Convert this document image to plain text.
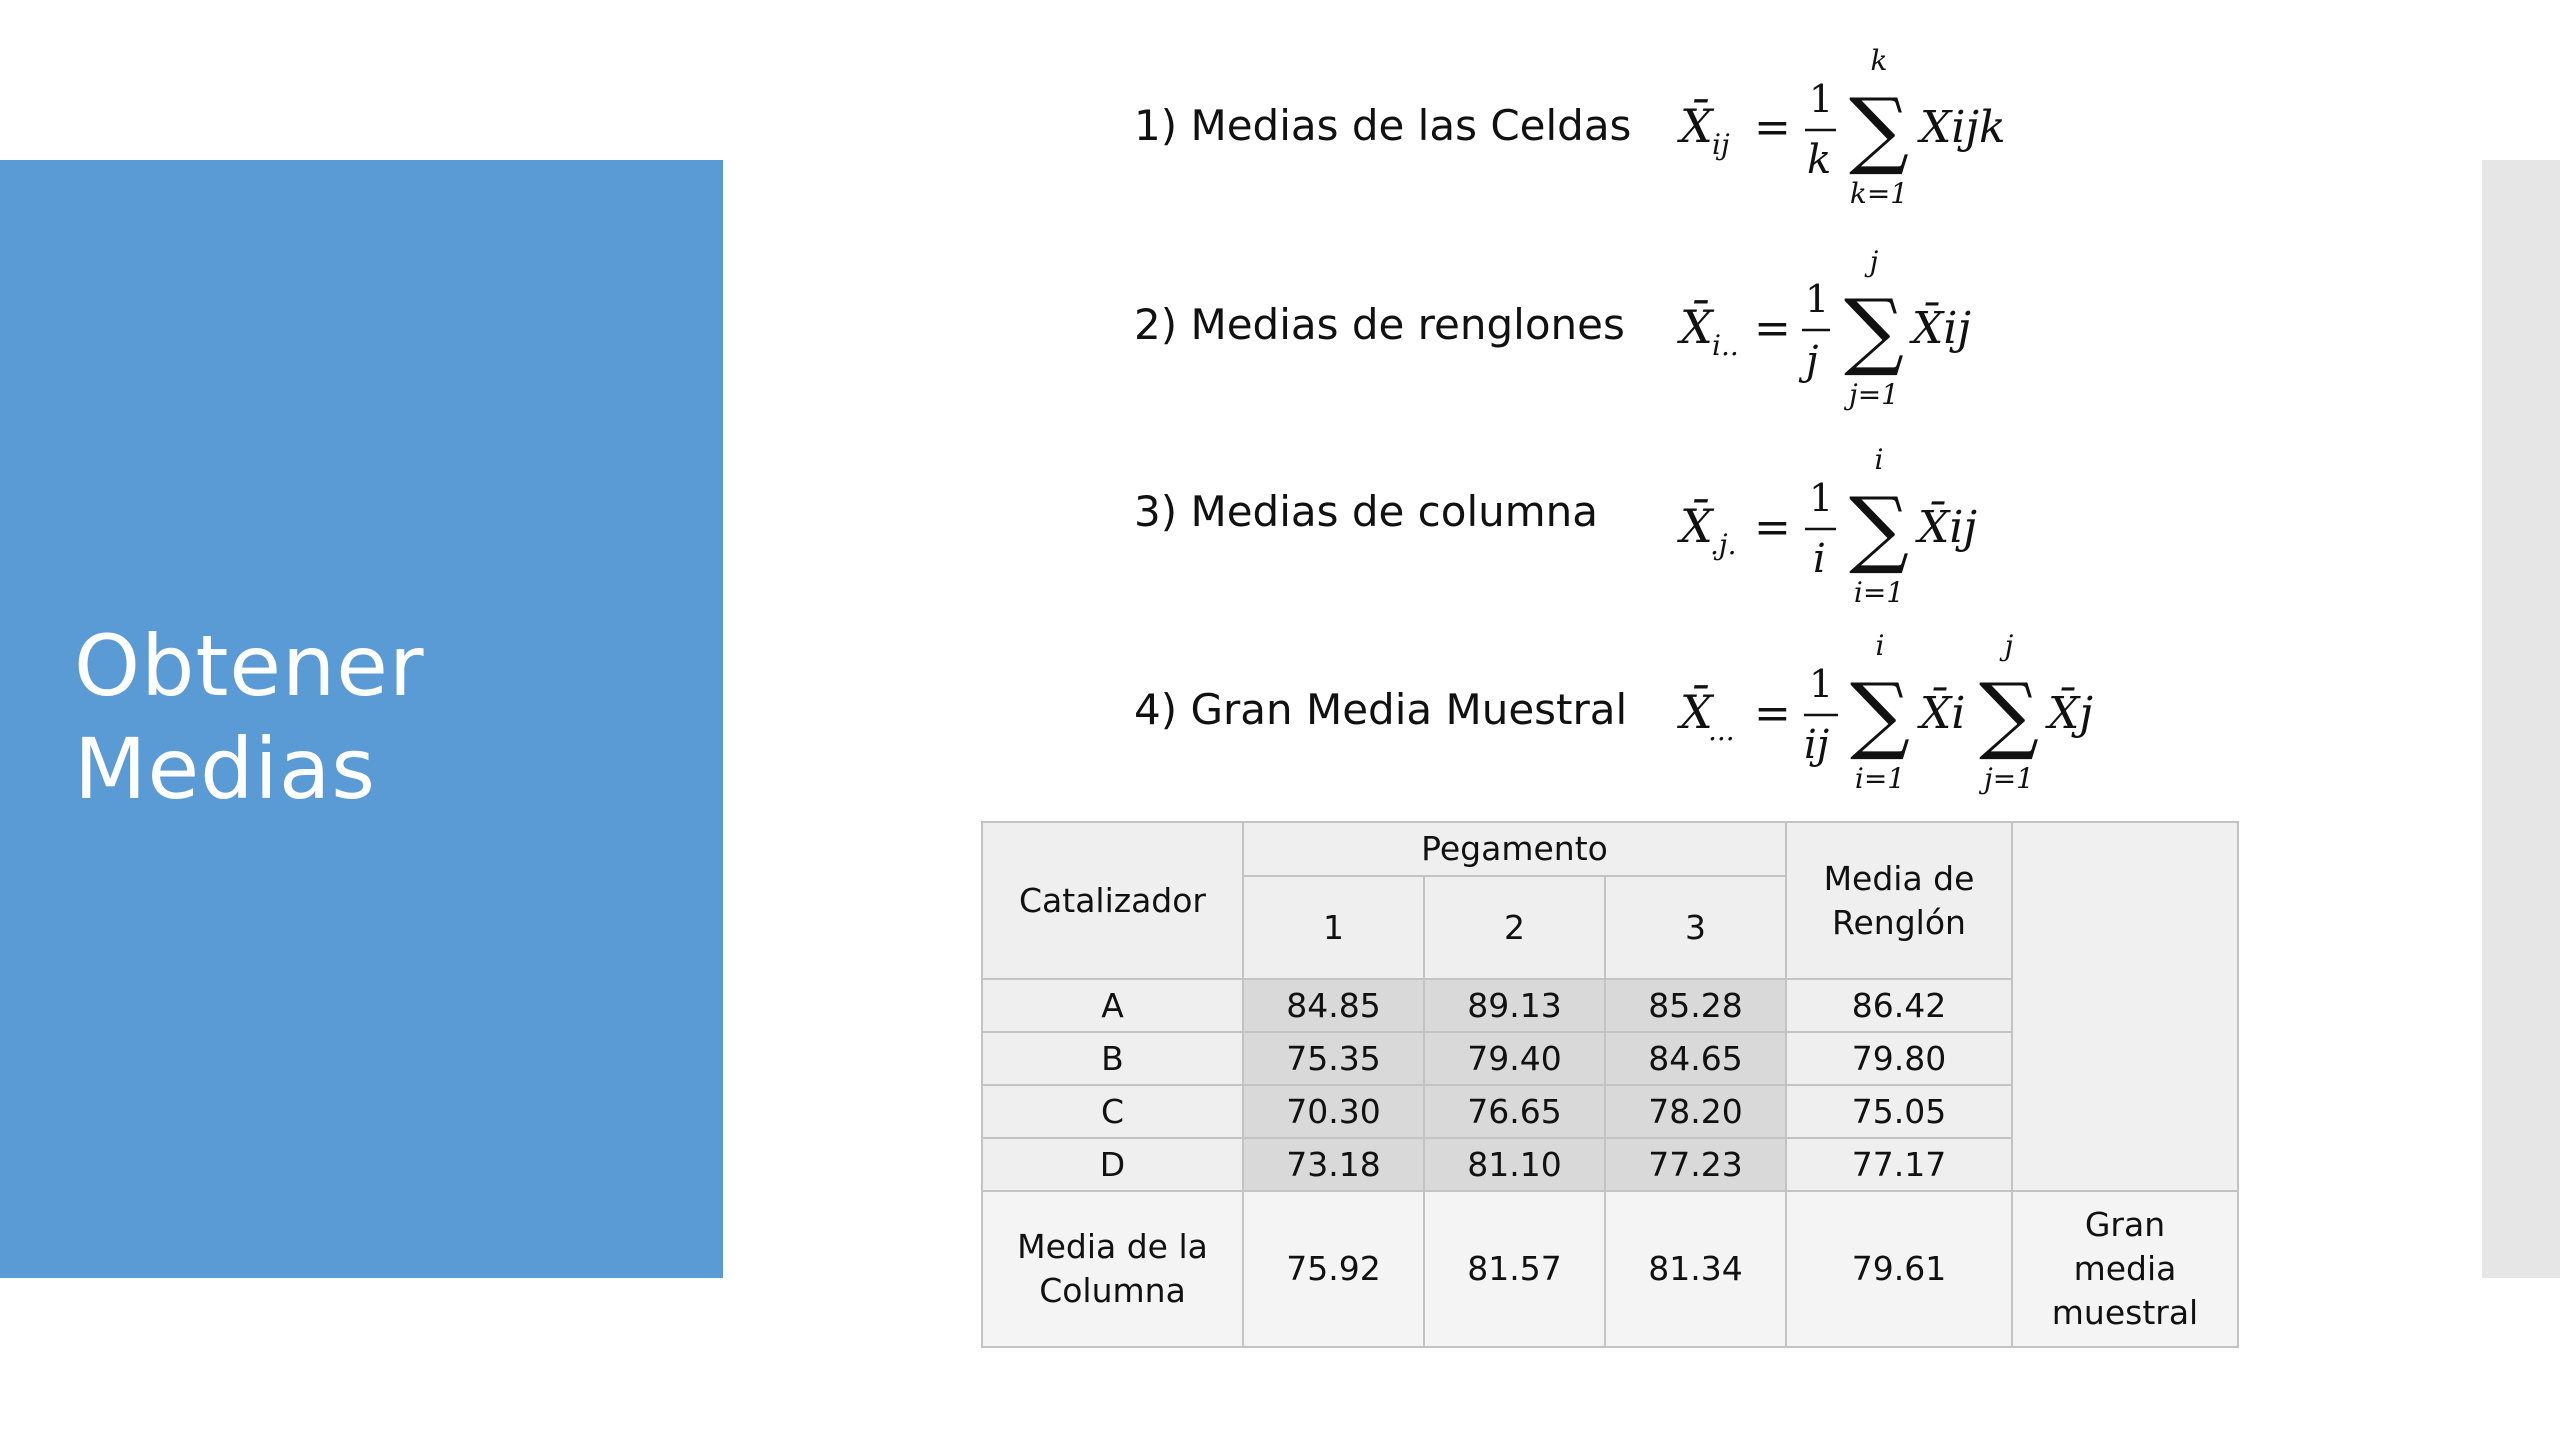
Obtener
Medias
1) Medias de las Celdas
2) Medias de renglones
3) Medias de columna
4) Gran Media Muestral
X̄ ij =
1
k
k
∑
k=1
Xijk
X̄ i.. =
1
j
j
∑
j=1
X̄ij
X̄
.j. =
1
i
i
∑
i=1
X̄ij
X̄
... =
1
ij
i
∑
i=1
X̄i
j
∑
j=1
X̄j
Catalizador	Pegamento			Media de Renglón	
	1	2	3		
A	84.85	89.13	85.28	86.42	
B	75.35	79.40	84.65	79.80	
C	70.30	76.65	78.20	75.05	
D	73.18	81.10	77.23	77.17	
Media de la Columna	75.92	81.57	81.34	79.61	Gran media muestral
